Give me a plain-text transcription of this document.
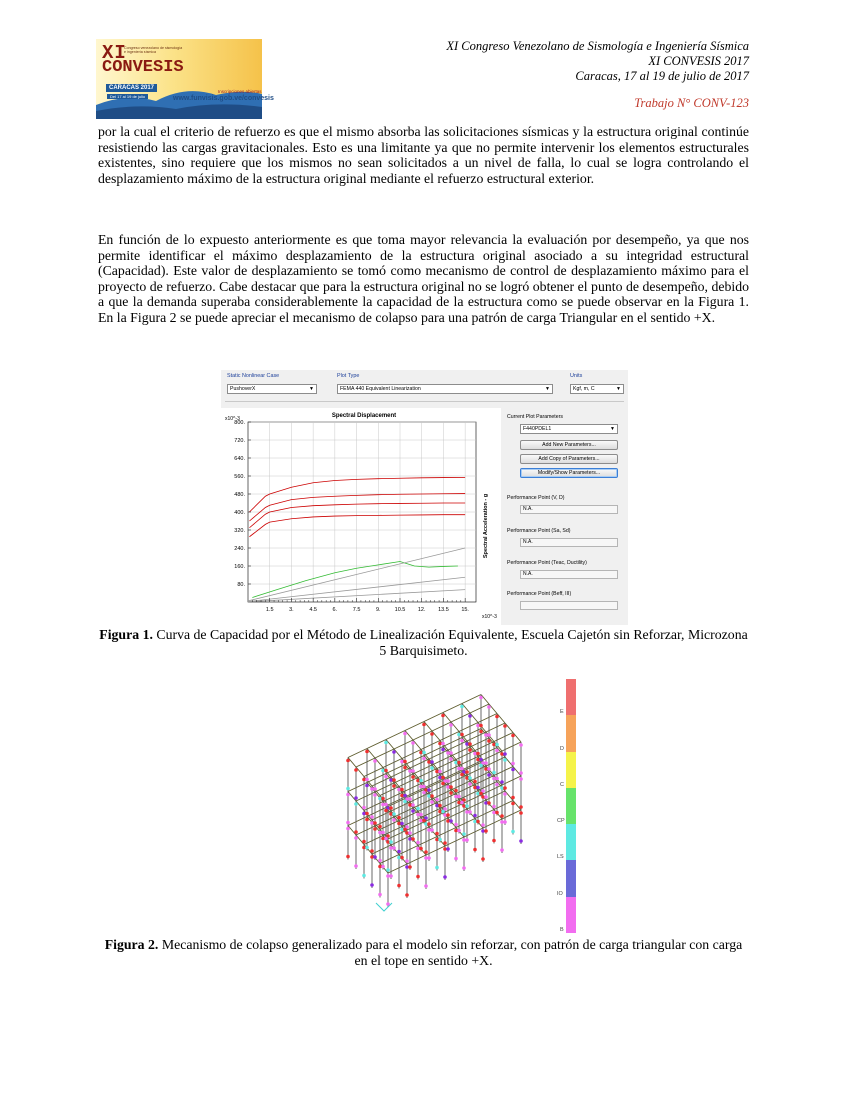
XI
Congreso venezolano de sismología e ingeniería sísmica
CONVESIS
CARACAS 2017
Del 17 al 19 de julio
Inscripciones abiertas
www.funvisis.gob.ve/convesis
XI Congreso Venezolano de Sismología e Ingeniería Sísmica
XI CONVESIS 2017
Caracas, 17 al 19 de julio de 2017
Trabajo N° CONV-123
por la cual el criterio de refuerzo es que el mismo absorba las solicitaciones sísmicas y la estructura original continúe resistiendo las cargas gravitacionales. Esto es una limitante ya que no permite intervenir los elementos estructurales existentes, sino requiere que los mismos no sean solicitados a un nivel de falla, lo cual se logra controlando el desplazamiento máximo de la estructura original mediante el refuerzo estructural exterior.
En función de lo expuesto anteriormente es que toma mayor relevancia la evaluación por desempeño, ya que nos permite identificar el máximo desplazamiento de la estructura original asociado a su integridad estructural (Capacidad). Este valor de desplazamiento se tomó como mecanismo de control de desplazamiento máximo para el proyecto de refuerzo. Cabe destacar que para la estructura original no se logró obtener el punto de desempeño, debido a que la demanda superaba considerablemente la capacidad de la estructura como se puede observar en la Figura 1. En la Figura 2 se puede apreciar el mecanismo de colapso para una patrón de carga Triangular en el sentido +X.
Static Nonlinear Case
PushoverX	▼
Plot Type
FEMA 440 Equivalent Linearization	▼
Units
Kgf, m, C	▼
Spectral Displacement
x10^-3
x10^-3
Spectral Acceleration - g
1.5	3.	4.5	6.	7.5	9.	10.5 12. 13.5 15.
80.
160.
240.
320.
400.
480.
560.
640.
720.
800.
Current Plot Parameters
F440PDEL1	▼
Add New Parameters...
Add Copy of Parameters...
Modify/Show Parameters...
Performance Point (V, D)
N.A.
Performance Point (Sa, Sd)
N.A.
Performance Point (Teac, Ductility)
N.A.
Performance Point (Beff, III)
Figura 1. Curva de Capacidad por el Método de Linealización Equivalente, Escuela Cajetón sin Reforzar, Microzona 5 Barquisimeto.
E
D
C
CP
LS
IO
B
Figura 2. Mecanismo de colapso generalizado para el modelo sin reforzar, con patrón de carga triangular con carga en el tope en sentido +X.
